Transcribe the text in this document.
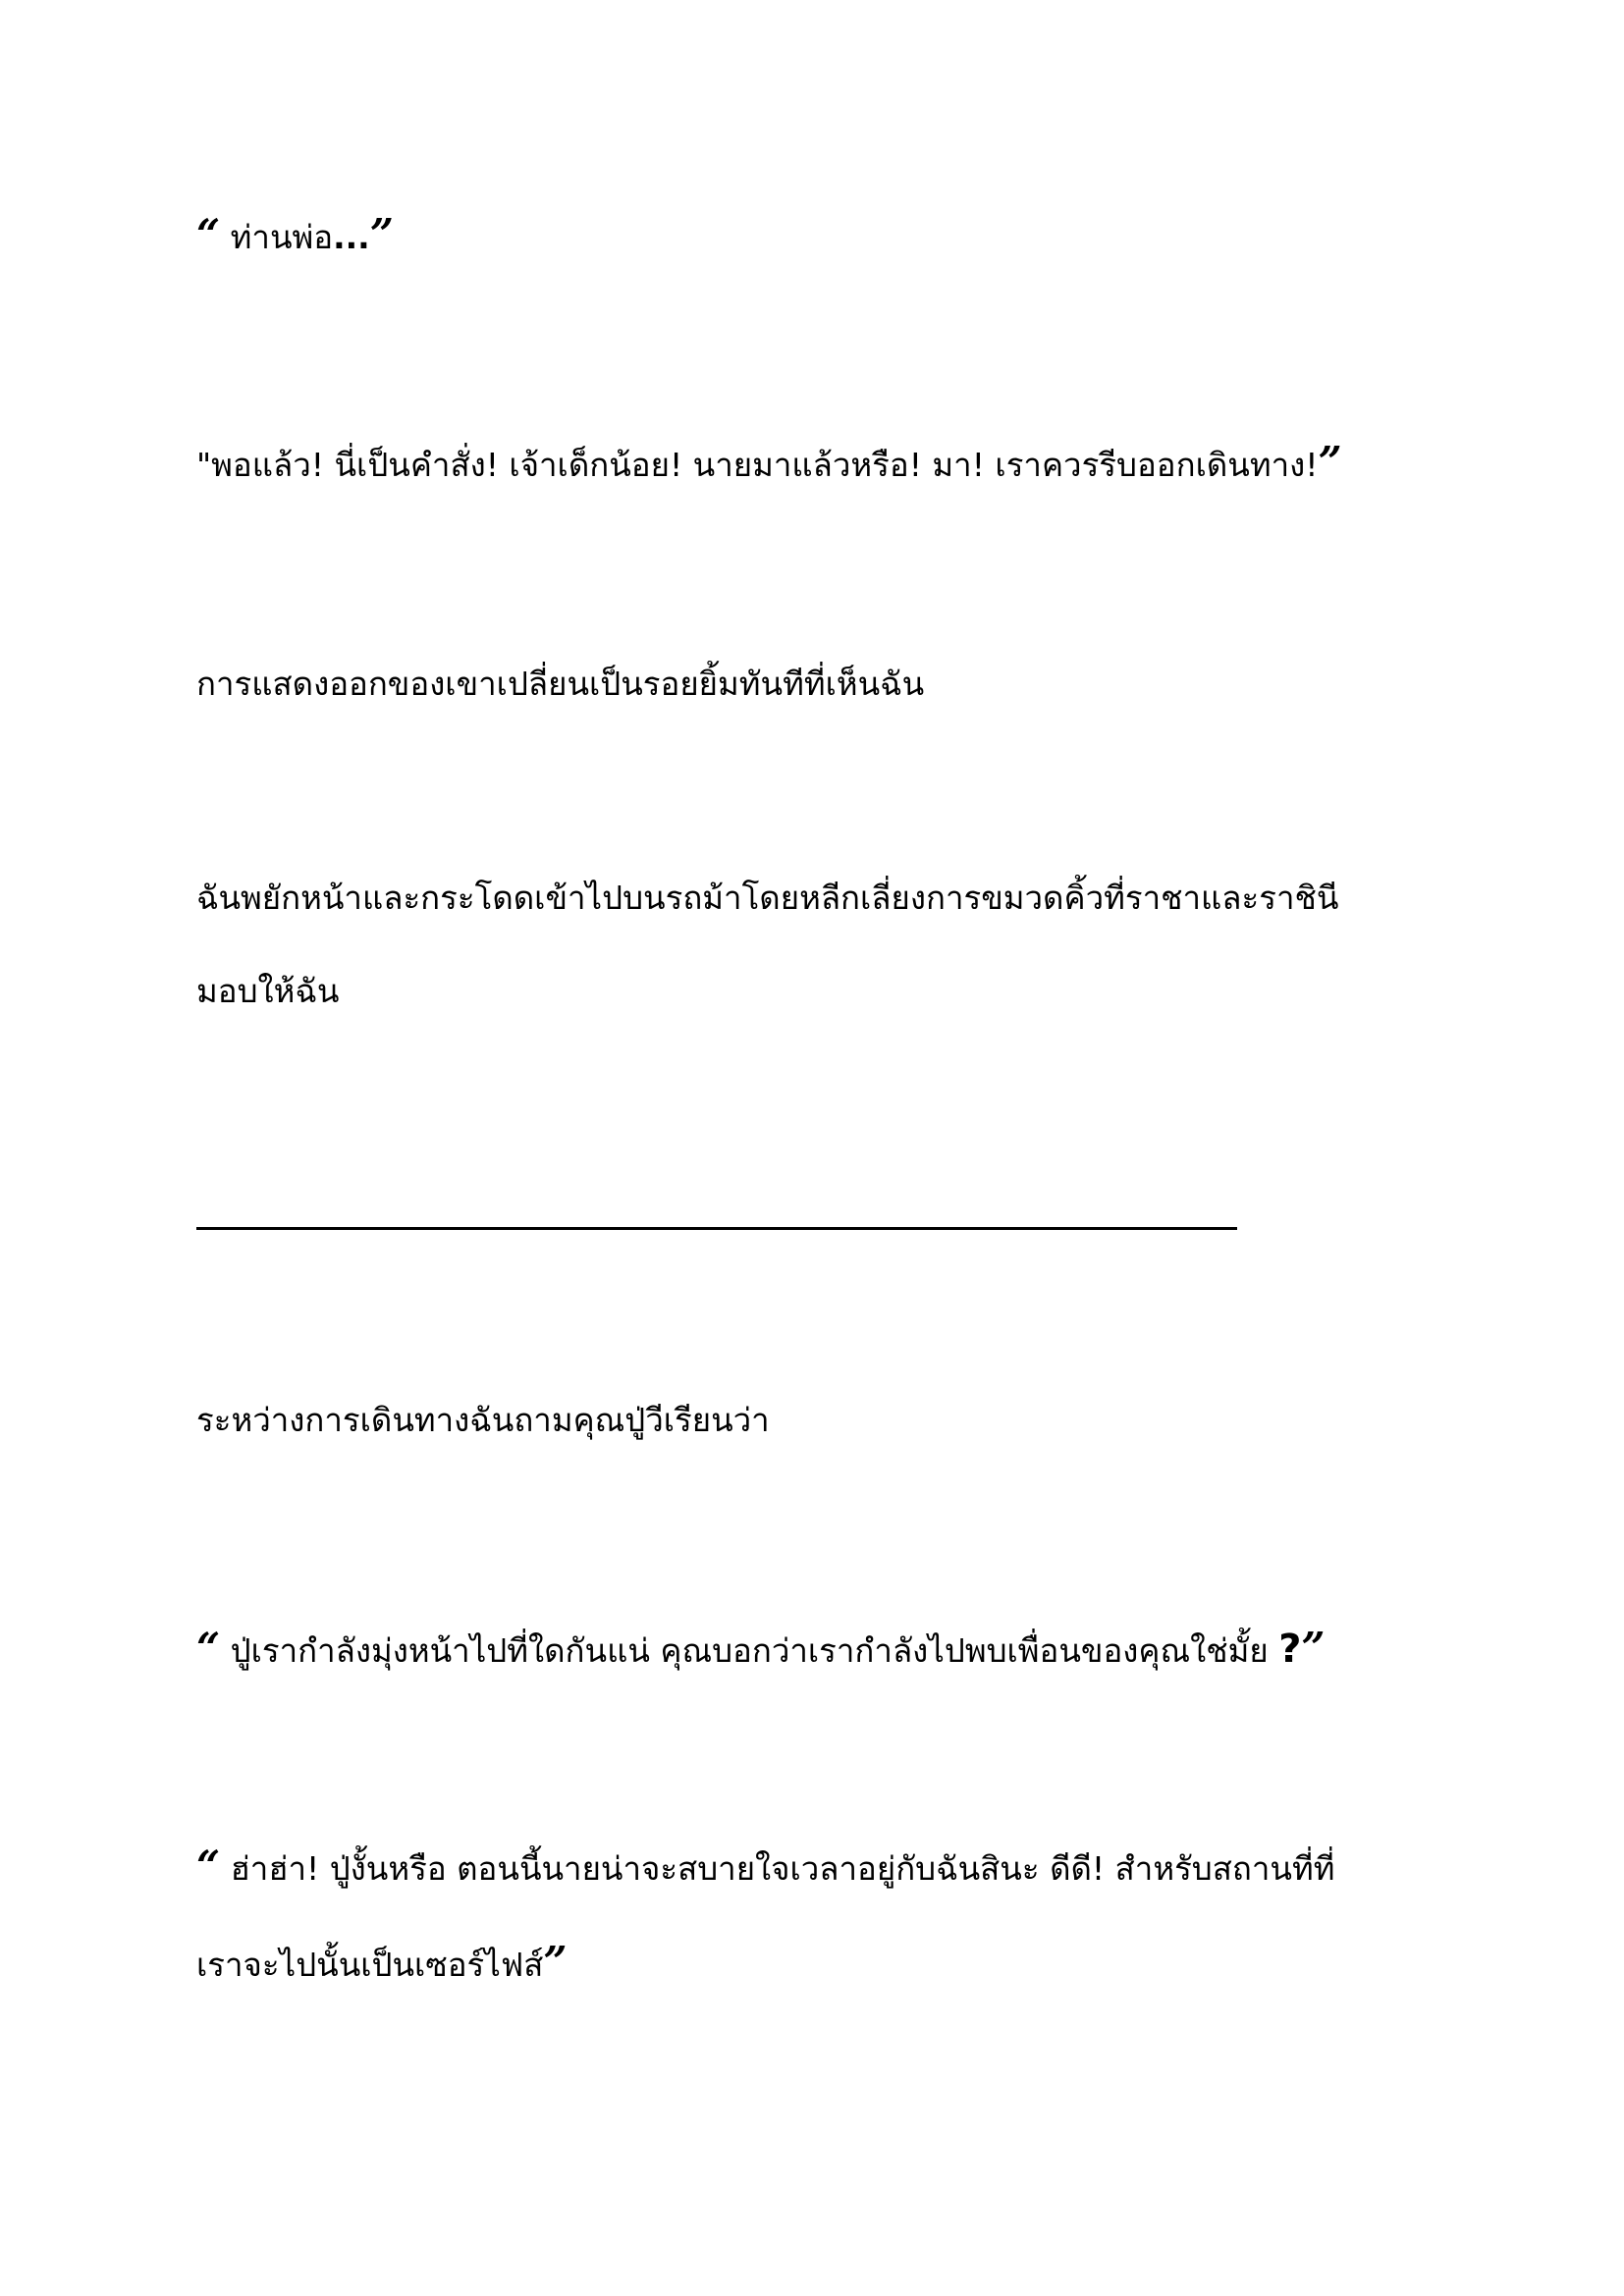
“ ท่านพ่อ...”

"พอแล้ว! นี่เป็นคำสั่ง! เจ้าเด็กน้อย! นายมาแล้วหรือ! มา! เราควรรีบออกเดินทาง!”

การแสดงออกของเขาเปลี่ยนเป็นรอยยิ้มทันทีที่เห็นฉัน

ฉันพยักหน้าและกระโดดเข้าไปบนรถม้าโดยหลีกเลี่ยงการขมวดคิ้วที่ราชาและราชินี

มอบให้ฉัน

ระหว่างการเดินทางฉันถามคุณปู่วีเรียนว่า

“ ปู่เรากำลังมุ่งหน้าไปที่ใดกันแน่ คุณบอกว่าเรากำลังไปพบเพื่อนของคุณใช่มั้ย ?”

“ ฮ่าฮ่า! ปู่งั้นหรือ ตอนนี้นายน่าจะสบายใจเวลาอยู่กับฉันสินะ ดีดี! สำหรับสถานที่ที่

เราจะไปนั้นเป็นเซอร์ไฟส์”
